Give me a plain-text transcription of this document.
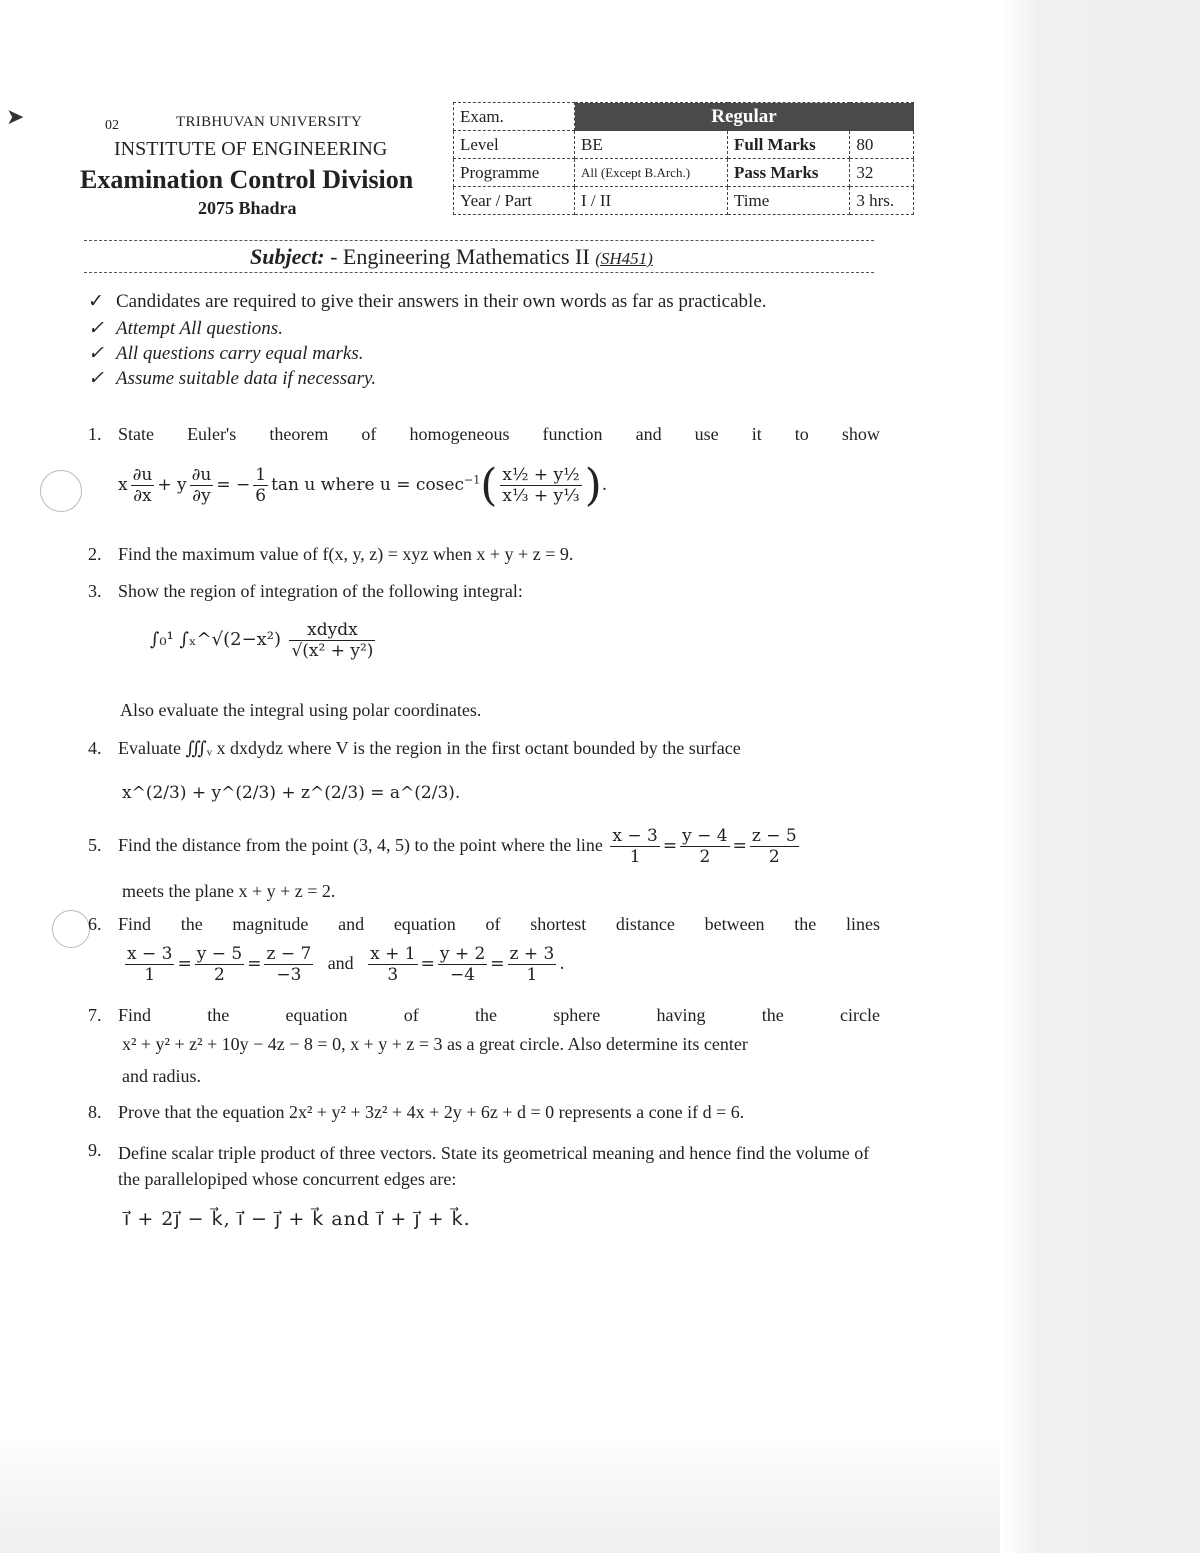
➤	02	TRIBHUVAN UNIVERSITY
INSTITUTE OF ENGINEERING
Examination Control Division
2075 Bhadra
Exam.	Regular		
Level	BE	Full Marks	80
Programme	All (Except B.Arch.)	Pass Marks	32
Year / Part	I / II	Time	3 hrs.
Subject: - Engineering Mathematics II (SH451)
✓ Candidates are required to give their answers in their own words as far as practicable.
✓ Attempt All questions.
✓ All questions carry equal marks.
✓ Assume suitable data if necessary.
1. State Euler's theorem of homogeneous function and use it to show
x $\frac{\partial u}{\partial x} + y \frac{\partial u}{\partial y}$ = − $\frac{1}{6}$ tan u where $u = cosec^{-1}( \frac{\text{x½ + y½}}{\text{x⅓ + y⅓}}$ ).
2. Find the maximum value of f(x, y, z) = xyz when x + y + z = 9.
3. Show the region of integration of the following integral:
∫₀¹ ∫ₓ^√(2−x²) $\frac{\text{xdydx}}{\text{√(x² + y²)}}$
Also evaluate the integral using polar coordinates.
4. Evaluate ∭ᵥ x dxdydz where V is the region in the first octant bounded by the surface
x^(2/3) + y^(2/3) + z^(2/3) = a^(2/3).
5. Find the distance from the point (3, 4, 5) to the point where the line $\frac{x - 3}{1} = \frac{y - 4}{2} = \frac{z - 5}{2}$
meets the plane x + y + z = 2.
6. Find the magnitude and equation of shortest distance between the lines
$\frac{x - 3}{1} = \frac{y - 5}{2} = \frac{z - 7}{-3}$ and $\frac{x + 1}{3} = \frac{y + 2}{-4} = \frac{z + 3}{1}$ .
7. Find	the	equation	of	the	sphere	having	the	circle
x² + y² + z² + 10y − 4z − 8 = 0, x + y + z = 3 as a great circle. Also determine its center
and radius.
8. Prove that the equation 2x² + y² + 3z² + 4x + 2y + 6z + d = 0 represents a cone if d = 6.
9. Define scalar triple product of three vectors. State its geometrical meaning and hence find the volume of the parallelopiped whose concurrent edges are:
i⃗ + 2j⃗ − k⃗, i⃗ − j⃗ + k⃗ and i⃗ + j⃗ + k⃗.
